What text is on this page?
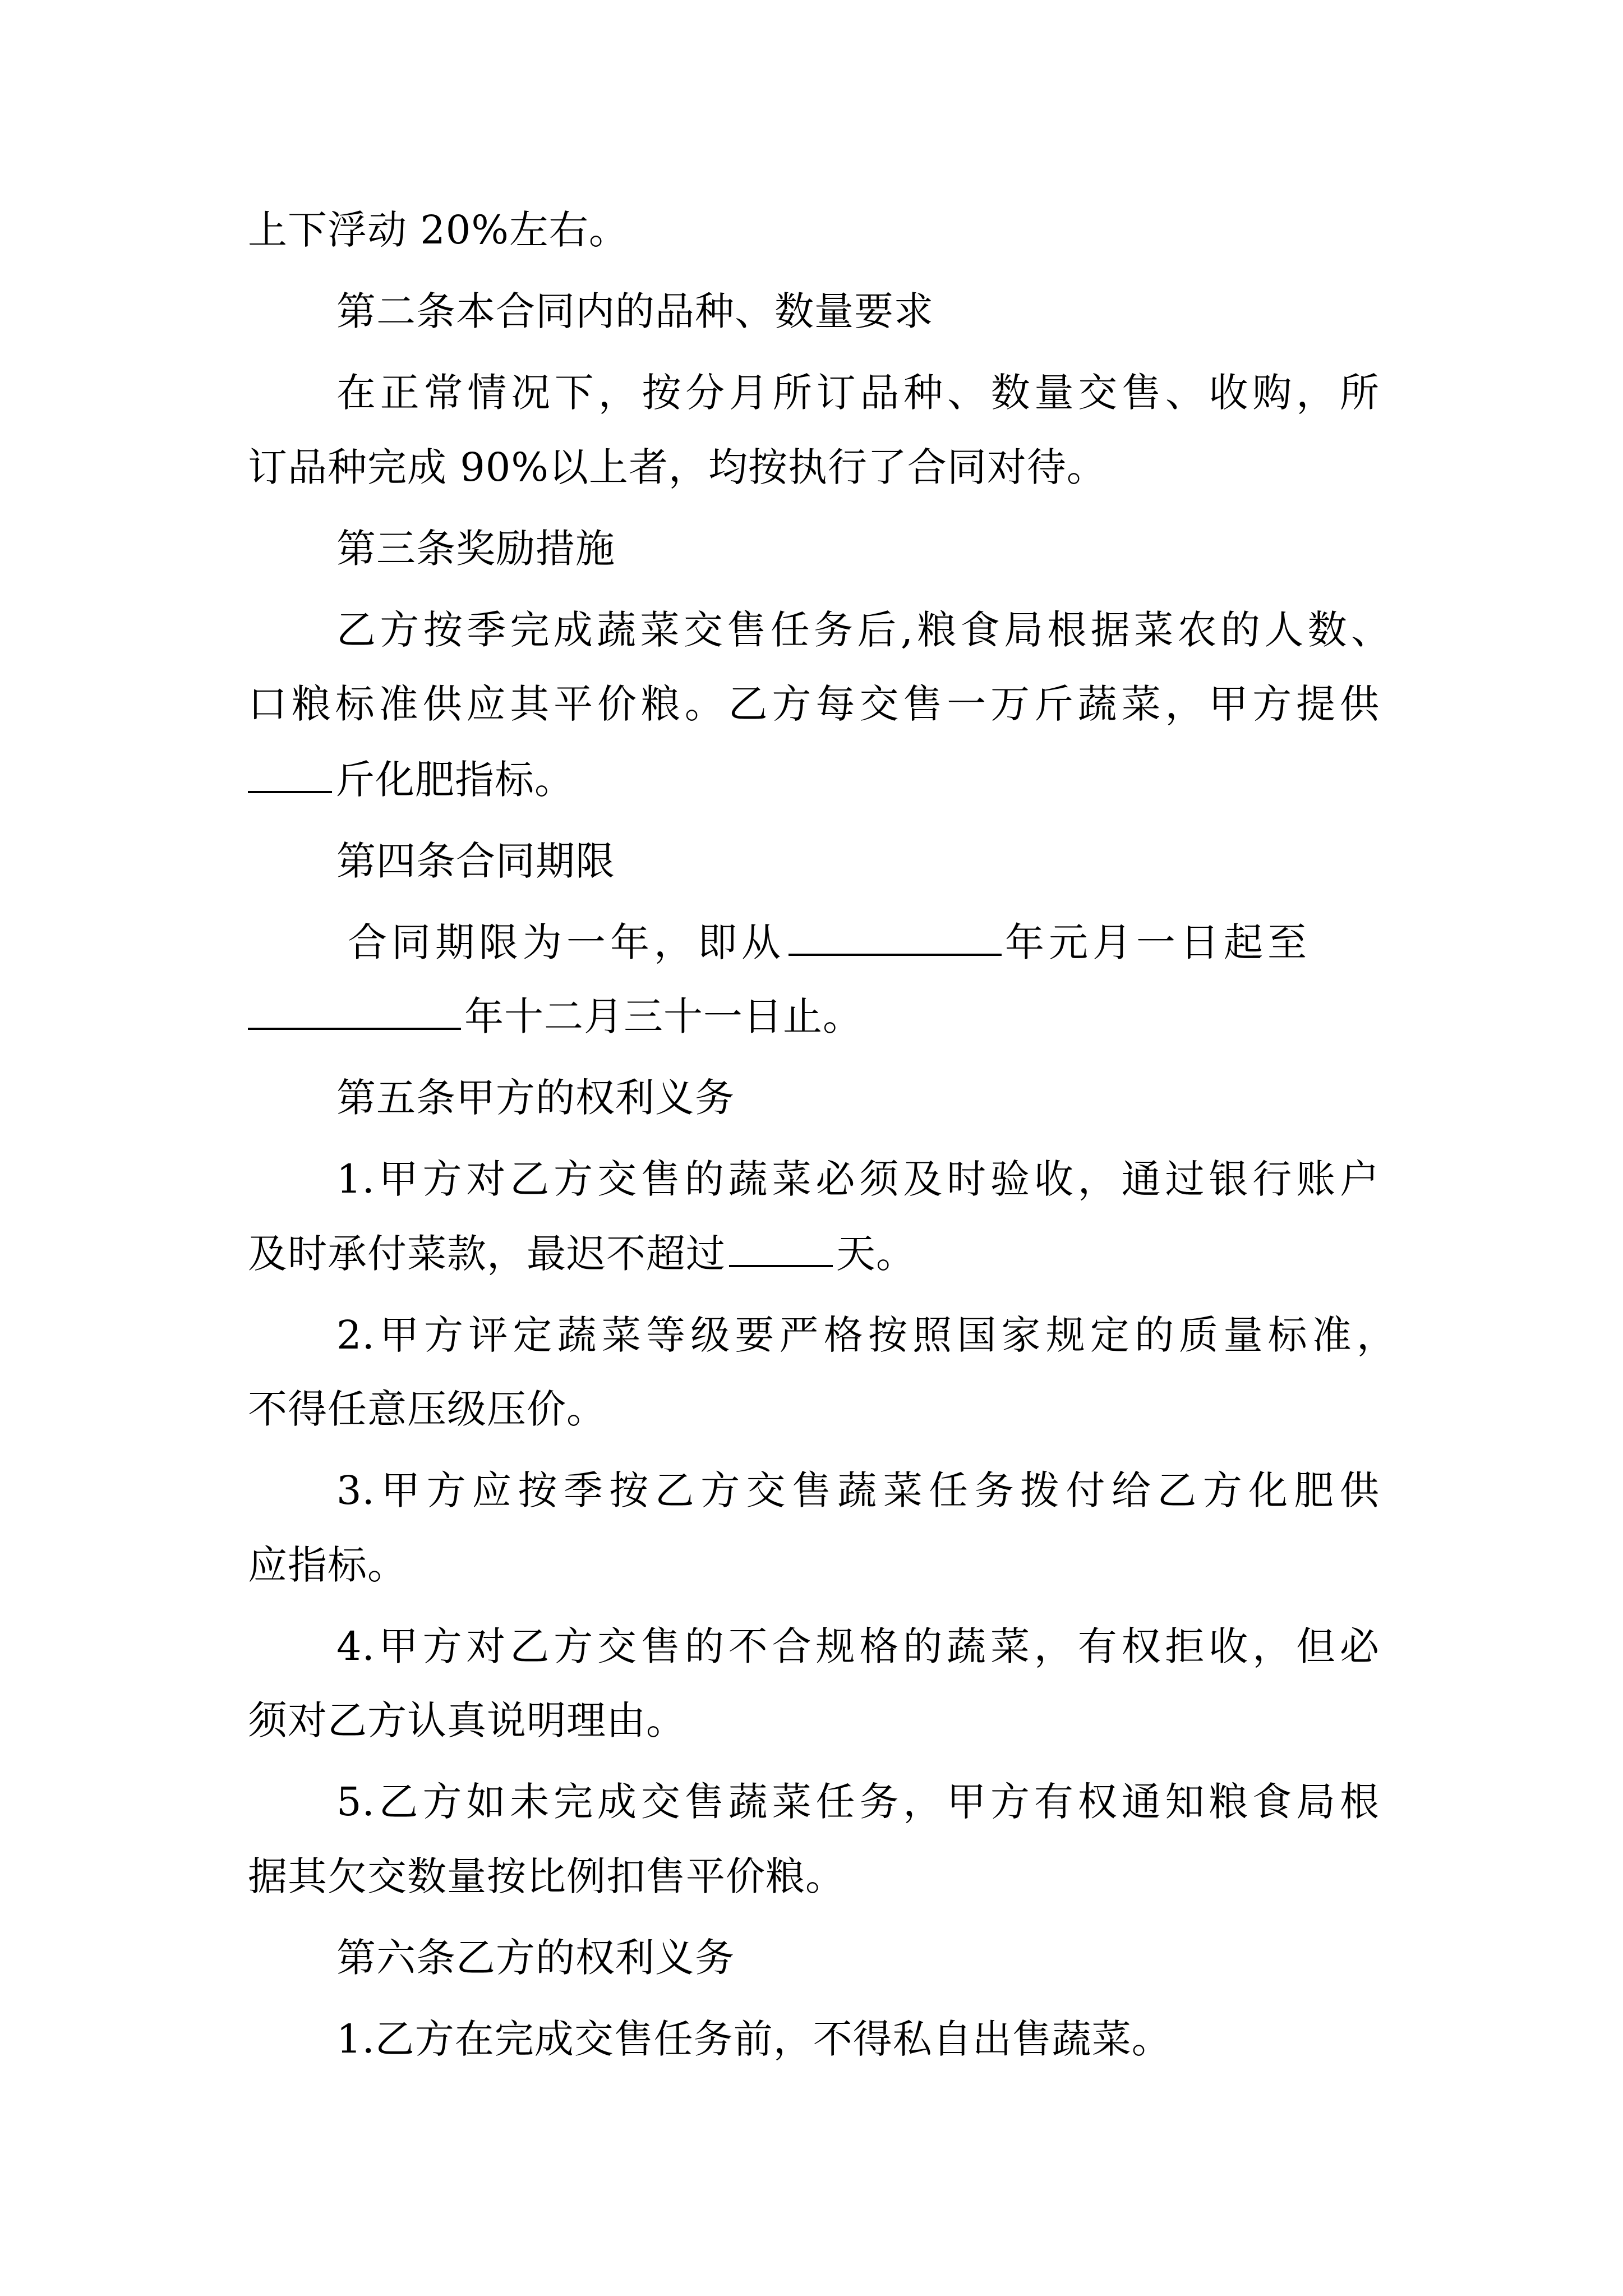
上下浮动 20%左右。
第二条本合同内的品种、数量要求
在正常情况下，按分月所订品种、数量交售、收购，所
订品种完成 90%以上者，均按执行了合同对待。
第三条奖励措施
乙方按季完成蔬菜交售任务后,粮食局根据菜农的人数、
口粮标准供应其平价粮。乙方每交售一万斤蔬菜，甲方提供
斤化肥指标。
第四条合同期限
合同期限为一年，即从	年元月一日起至
年十二月三十一日止。
第五条甲方的权利义务
1.甲方对乙方交售的蔬菜必须及时验收，通过银行账户
及时承付菜款，最迟不超过	天。
2.甲方评定蔬菜等级要严格按照国家规定的质量标准，
不得任意压级压价。
3.甲方应按季按乙方交售蔬菜任务拨付给乙方化肥供
应指标。
4.甲方对乙方交售的不合规格的蔬菜，有权拒收，但必
须对乙方认真说明理由。
5.乙方如未完成交售蔬菜任务，甲方有权通知粮食局根
据其欠交数量按比例扣售平价粮。
第六条乙方的权利义务
1.乙方在完成交售任务前，不得私自出售蔬菜。
